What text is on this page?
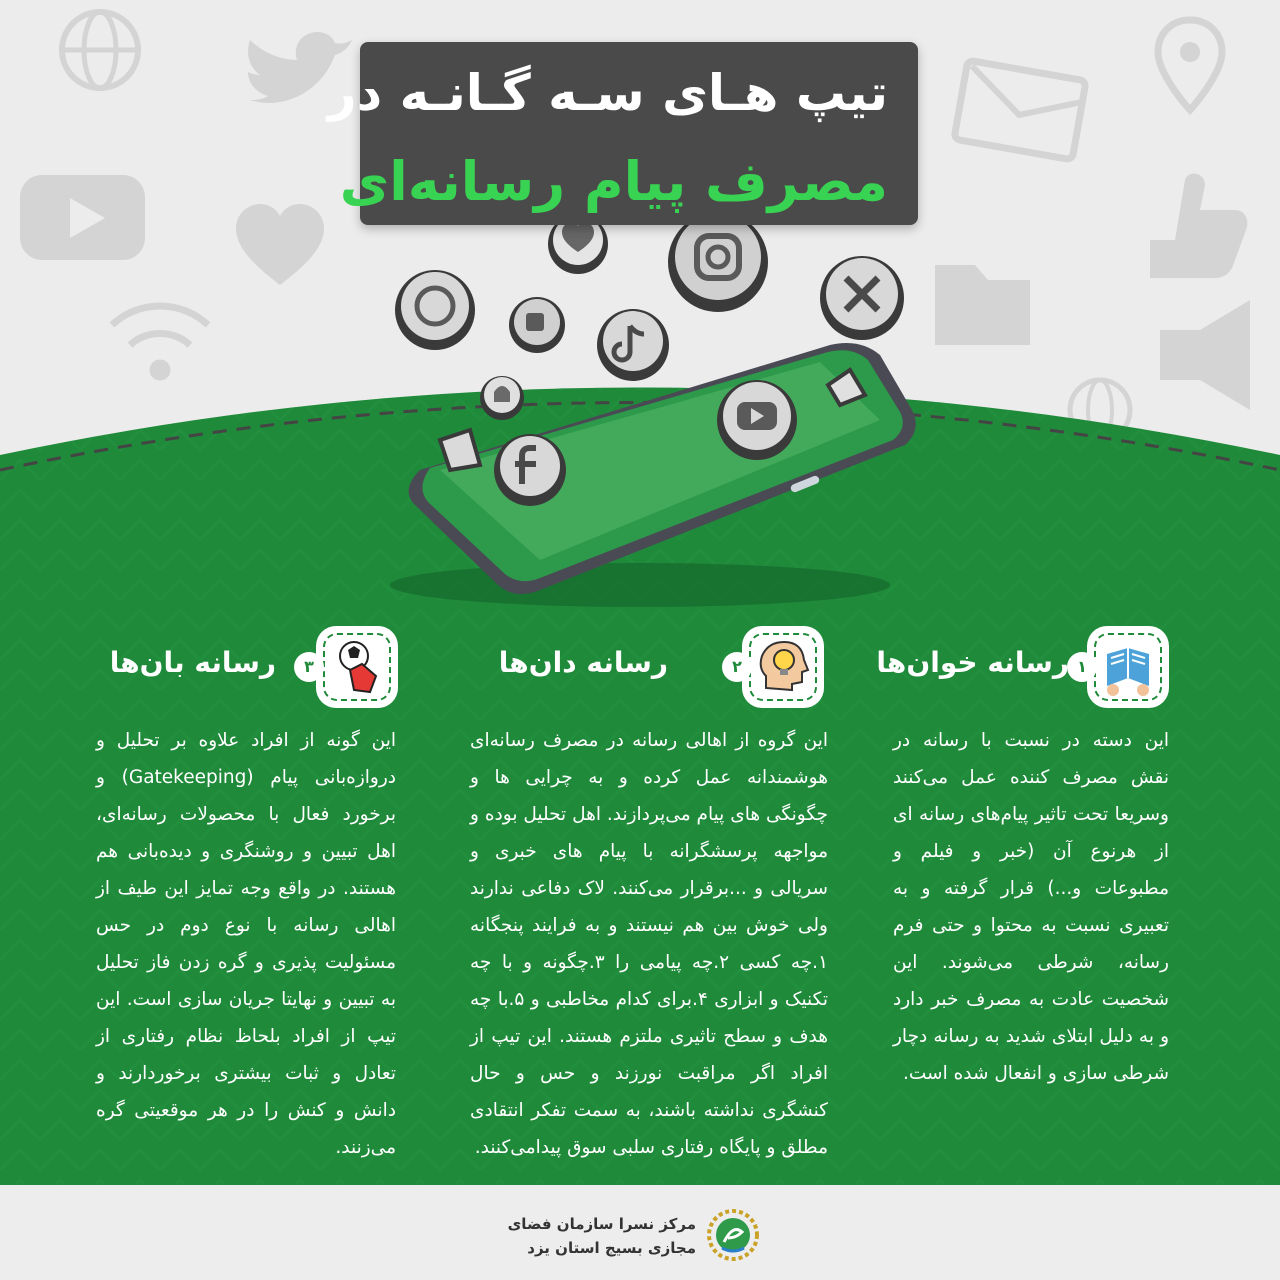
تیپ هـای سـه گـانـه در
مصرف پیام رسانه‌ای
۱
رسانه خوان‌ها
این دسته در نسبت با رسانه در نقش مصرف کننده عمل می‌کنند وسریعا تحت تاثیر پیام‌های رسانه ای از هرنوع آن (خبر و فیلم و مطبوعات و...) قرار گرفته و به تعبیری نسبت به محتوا و حتی فرم رسانه، شرطی می‌شوند. این شخصیت عادت به مصرف خبر دارد و به دلیل ابتلای شدید به رسانه دچار شرطی سازی و انفعال شده است.
۲
رسانه دان‌ها
این گروه از اهالی رسانه در مصرف رسانه‌ای هوشمندانه عمل کرده و به چرایی ها و چگونگی های پیام می‌پردازند. اهل تحلیل بوده و مواجهه پرسشگرانه با پیام های خبری و سریالی و ...برقرار می‌کنند. لاک دفاعی ندارند ولی خوش بین هم نیستند و به فرایند پنجگانه ۱.چه کسی ۲.چه پیامی را ۳.چگونه و با چه تکنیک و ابزاری ۴.برای کدام مخاطبی و ۵.با چه هدف و سطح تاثیری ملتزم هستند. این تیپ از افراد اگر مراقبت نورزند و حس و حال کنشگری نداشته باشند، به سمت تفکر انتقادی مطلق و پایگاه رفتاری سلبی سوق پیدامی‌کنند.
۳
رسانه بان‌ها
این گونه از افراد علاوه بر تحلیل و دروازه‌بانی پیام (Gatekeeping) و برخورد فعال با محصولات رسانه‌ای، اهل تبیین و روشنگری و دیده‌بانی هم هستند. در واقع وجه تمایز این طیف از اهالی رسانه با نوع دوم در حس مسئولیت پذیری و گره زدن فاز تحلیل به تبیین و نهایتا جریان سازی است. این تیپ از افراد بلحاظ نظام رفتاری از تعادل و ثبات بیشتری برخوردارند و دانش و کنش را در هر موقعیتی گره می‌زنند.
مرکز نسرا سازمان فضای
مجازی بسیج استان یزد
